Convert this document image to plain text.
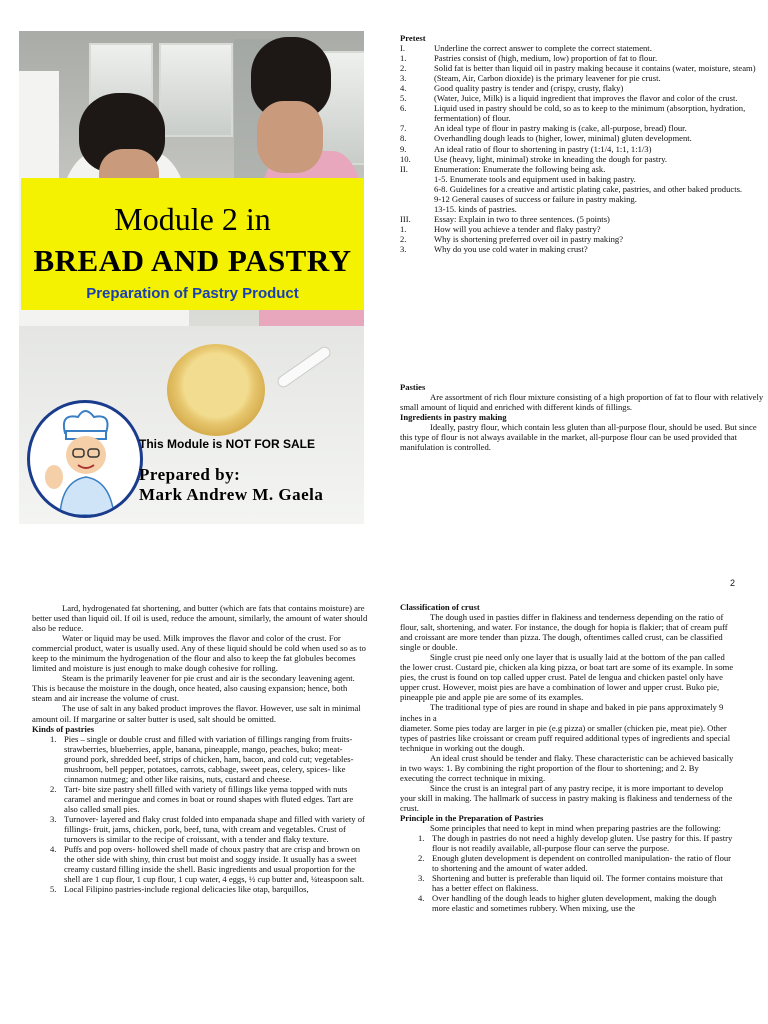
Module 2 in
BREAD AND PASTRY
Preparation of Pastry Product
This Module is NOT FOR SALE
Prepared by:
Mark Andrew M. Gaela

Pretest

I.	Underline the correct answer to complete the correct statement.
1.	Pastries consist of (high, medium, low) proportion of fat to flour.
2.	Solid fat is better than liquid oil in pastry making because it contains (water, moisture, steam)
3.	(Steam, Air, Carbon dioxide) is the primary leavener for pie crust.
4.	Good quality pastry is tender and (crispy, crusty, flaky)
5.	(Water, Juice, Milk) is a liquid ingredient that improves the flavor and color of the crust.
6.	Liquid used in pastry should be cold, so as to keep to the minimum (absorption, hydration, fermentation) of flour.
7.	An ideal type of flour in pastry making is (cake, all-purpose, bread) flour.
8.	Overhandling dough leads to (higher, lower, minimal) gluten development.
9.	An ideal ratio of flour to shortening in pastry (1:1/4, 1:1, 1:1/3)
10.	Use (heavy, light, minimal) stroke in kneading the dough for pastry.
II.	Enumeration: Enumerate the following being ask.
1-5. Enumerate tools and equipment used in baking pastry.
6-8. Guidelines for a creative and artistic plating cake, pastries, and other baked products.
9-12 General causes of success or failure in pastry making.
13-15. kinds of pastries.
III.	Essay: Explain in two to three sentences. (5 points)
1.	How will you achieve a tender and flaky pastry?
2.	Why is shortening preferred over oil in pastry making?
3.	Why do you use cold water in making crust?

Pasties

Are assortment of rich flour mixture consisting of a high proportion of fat to flour with relatively small amount of liquid and enriched with different kinds of fillings.

Ingredients in pastry making

Ideally, pastry flour, which contain less gluten than all-purpose flour, should be used. But since this type of flour is not always available in the market, all-purpose flour can be used provided that manifulation is controlled.

2

Lard, hydrogenated fat shortening, and butter (which are fats that contains moisture) are better used than liquid oil. If oil is used, reduce the amount, similarly, the amount of water should also be reduce.

Water or liquid may be used. Milk improves the flavor and color of the crust. For commercial product, water is usually used. Any of these liquid should be cold when used so as to keep to the minimum the hydrogenation of the flour and also to keep the fat globules becomes limited and moisture is just enough to make dough cohesive for rolling.

Steam is the primarily leavener for pie crust and air is the secondary leavening agent. This is because the moisture in the dough, once heated, also causing expansion; hence, both steam and air increase the volume of crust.

The use of salt in any baked product improves the flavor. However, use salt in minimal amount oil. If margarine or salter butter is used, salt should be omitted.

Kinds of pastries

1. Pies – single or double crust and filled with variation of fillings ranging from fruits-strawberries, blueberries, apple, banana, pineapple, mango, peaches, buko; meat- ground pork, shredded beef, strips of chicken, ham, bacon, and cold cut; vegetables- mushroom, bell pepper, potatoes, carrots, cabbage, sweet peas, celery, spices- like cinnamon nutmeg; and other like raisins, nuts, custard and cheese.
2. Tart- bite size pastry shell filled with variety of fillings like yema topped with nuts caramel and meringue and comes in boat or round shapes with fluted edges. Tart are also called small pies.
3. Turnover- layered and flaky crust folded into empanada shape and filled with variety of fillings- fruit, jams, chicken, pork, beef, tuna, with cream and vegetables. Crust of turnovers is similar to the recipe of croissant, with a tender and flaky texture.
4. Puffs and pop overs- hollowed shell made of choux pastry that are crisp and brown on the other side with shiny, thin crust but moist and soggy inside. It usually has a sweet creamy custard filling inside the shell. Basic ingredients and usual proportion for the shell are 1 cup flour, 1 cup flour, 1 cup water, 4 eggs, ½ cup butter and, ¼teaspoon salt.
5. Local Filipino pastries-include regional delicacies like otap, barquillos,

Classification of crust

The dough used in pasties differ in flakiness and tenderness depending on the ratio of flour, salt, shortening, and water. For instance, the dough for hopia is flakier; that of cream puff and croissant are more tender than pizza. The dough, oftentimes called crust, can be classified single or double.

Single crust pie need only one layer that is usually laid at the bottom of the pan called the lower crust. Custard pie, chicken ala king pizza, or boat tart are some of its example. In some pies, the crust is found on top called upper crust. Patel de lengua and chicken pastel only have upper crust. However, moist pies are have a combination of lower and upper crust. Buko pie, pineapple pie and apple pie are some of its examples.

The traditional type of pies are round in shape and baked in pie pans approximately 9 inches in a

diameter. Some pies today are larger in pie (e.g pizza) or smaller (chicken pie, meat pie). Other types of pastries like croissant or cream puff required additional types of ingredients and special technique in working out the dough.

An ideal crust should be tender and flaky. These characteristic can be achieved basically in two ways: 1. By combining the right proportion of the flour to shortening; and 2. By executing the correct technique in mixing.

Since the crust is an integral part of any pastry recipe, it is more important to develop your skill in making. The hallmark of success in pastry making is flakiness and tenderness of the crust.

Principle in the Preparation of Pastries

Some principles that need to kept in mind when preparing pastries are the following:

1. The dough in pastries do not need a highly develop gluten. Use pastry for this. If pastry flour is not readily available, all-purpose flour can serve the purpose.
2. Enough gluten development is dependent on controlled manipulation- the ratio of flour to shortening and the amount of water added.
3. Shortening and butter is preferable than liquid oil. The former contains moisture that has a better effect on flakiness.
4. Over handling of the dough leads to higher gluten development, making the dough more elastic and sometimes rubbery. When mixing, use the
